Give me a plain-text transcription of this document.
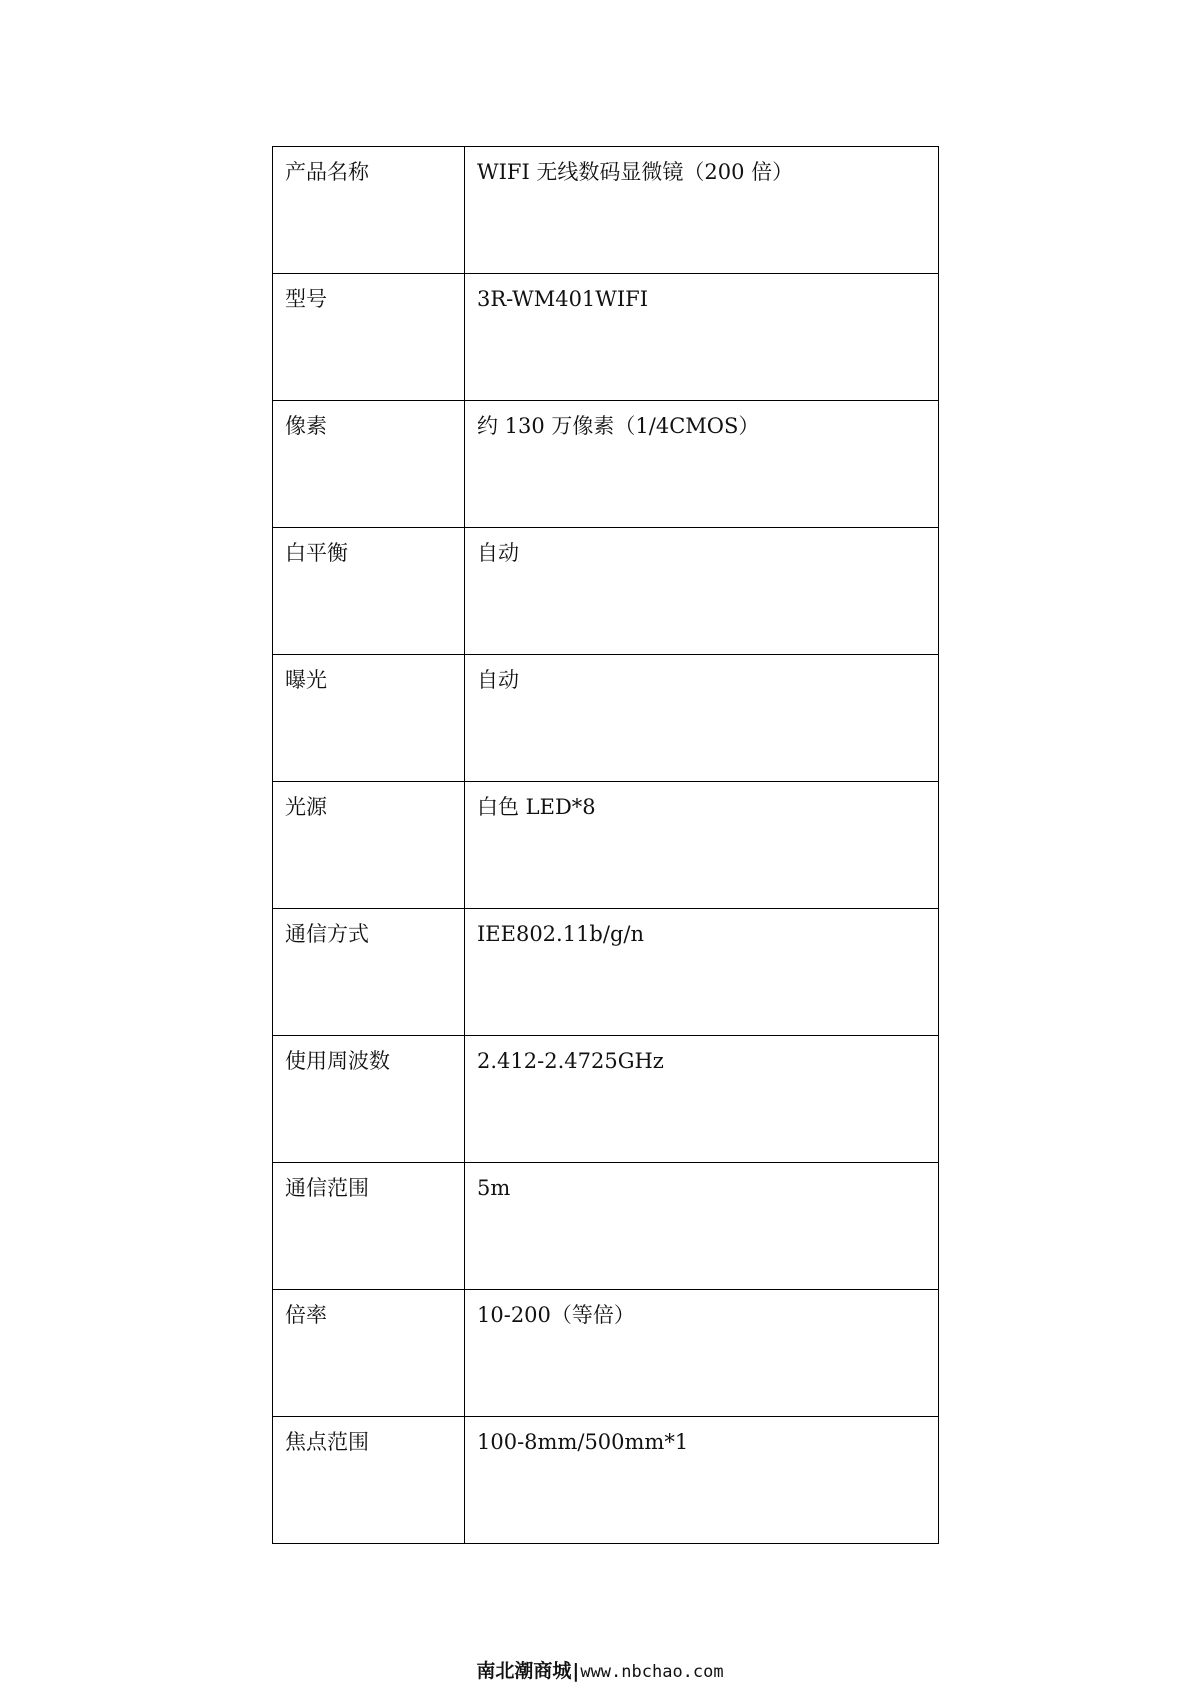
产品名称	WIFI 无线数码显微镜（200 倍）
型号	3R-WM401WIFI
像素	约 130 万像素（1/4CMOS）
白平衡	自动
曝光	自动
光源	白色 LED*8
通信方式	IEE802.11b/g/n
使用周波数	2.412-2.4725GHz
通信范围	5m
倍率	10-200（等倍）
焦点范围	100-8mm/500mm*1
南北潮商城|www.nbchao.com
